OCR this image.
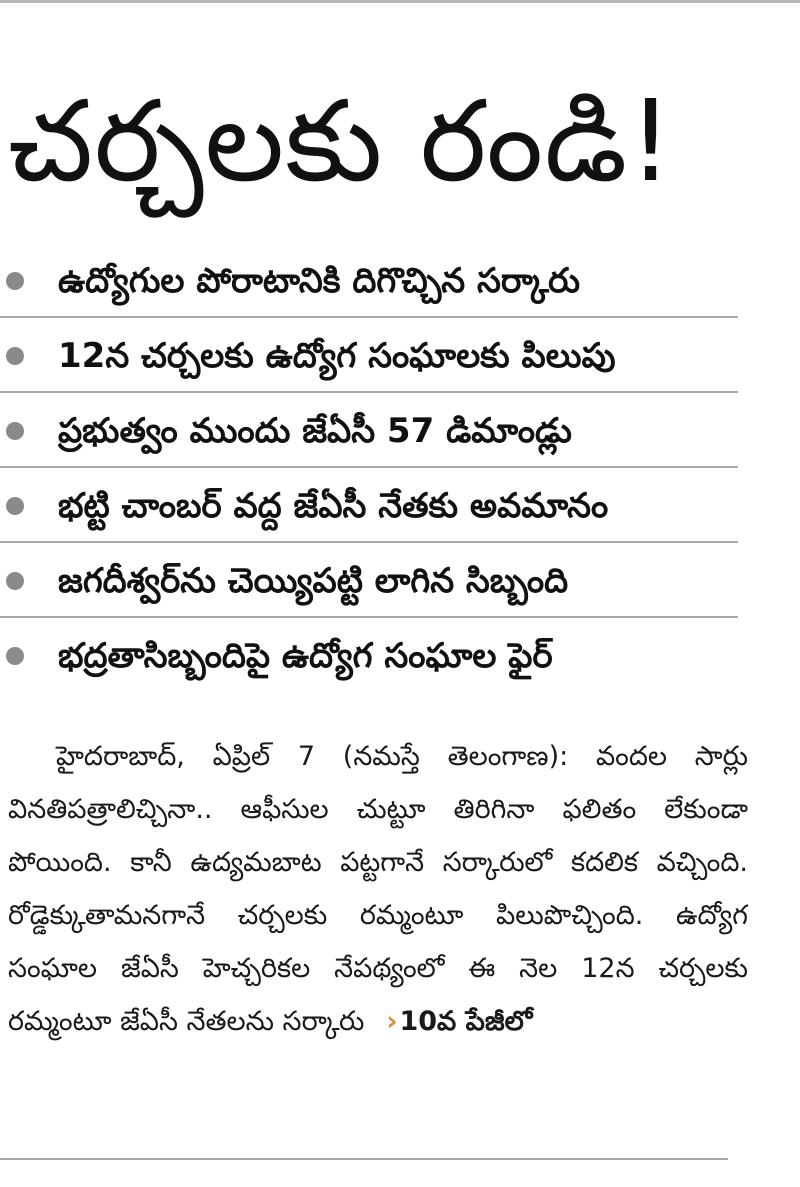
చర్చలకు రండి!
ఉద్యోగుల పోరాటానికి దిగొచ్చిన సర్కారు
12న చర్చలకు ఉద్యోగ సంఘాలకు పిలుపు
ప్రభుత్వం ముందు జేఏసీ 57 డిమాండ్లు
భట్టి చాంబర్ వద్ద జేఏసీ నేతకు అవమానం
జగదీశ్వర్‌ను చెయ్యిపట్టి లాగిన సిబ్బంది
భద్రతాసిబ్బందిపై ఉద్యోగ సంఘాల ఫైర్

హైదరాబాద్, ఏప్రిల్ 7 (నమస్తే తెలంగాణ): వందల సార్లు వినతిపత్రాలిచ్చినా.. ఆఫీసుల చుట్టూ తిరిగినా ఫలితం లేకుండా పోయింది. కానీ ఉద్యమబాట పట్టగానే సర్కారులో కదలిక వచ్చింది. రోడ్డెక్కుతామనగానే చర్చలకు రమ్మంటూ పిలుపొచ్చింది. ఉద్యోగ సంఘాల జేఏసీ హెచ్చరికల నేపథ్యంలో ఈ నెల 12న చర్చలకు రమ్మంటూ జేఏసీ నేతలను సర్కారు ›10వ పేజీలో
